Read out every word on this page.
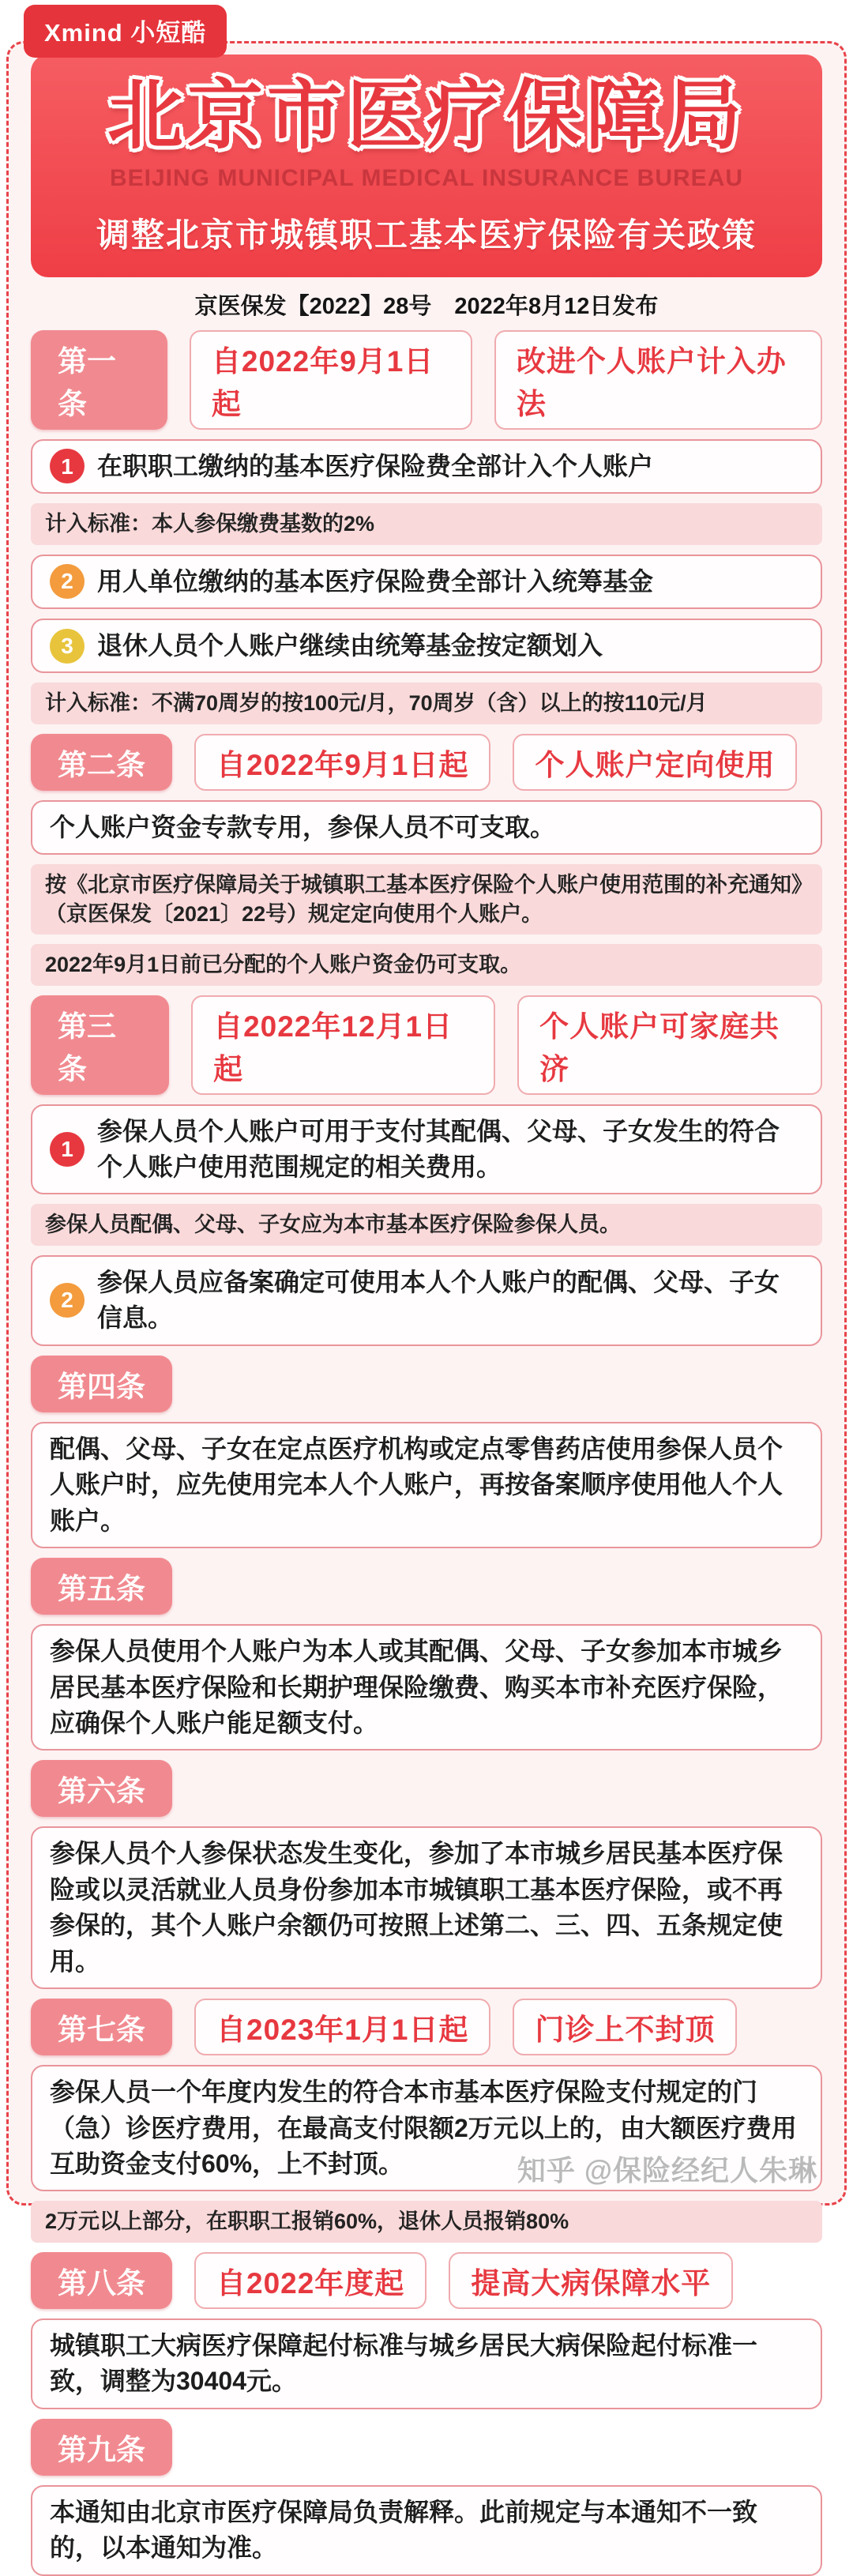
Xmind 小短酷
北京市医疗保障局
BEIJING MUNICIPAL MEDICAL INSURANCE BUREAU
调整北京市城镇职工基本医疗保险有关政策
京医保发【2022】28号　2022年8月12日发布
第一条
自2022年9月1日起
改进个人账户计入办法
1 在职职工缴纳的基本医疗保险费全部计入个人账户
计入标准：本人参保缴费基数的2%
2 用人单位缴纳的基本医疗保险费全部计入统筹基金
3 退休人员个人账户继续由统筹基金按定额划入
计入标准：不满70周岁的按100元/月，70周岁（含）以上的按110元/月
第二条	自2022年9月1日起	个人账户定向使用
个人账户资金专款专用，参保人员不可支取。
按《北京市医疗保障局关于城镇职工基本医疗保险个人账户使用范围的补充通知》（京医保发〔2021〕22号）规定定向使用个人账户。
2022年9月1日前已分配的个人账户资金仍可支取。
第三条
自2022年12月1日起
个人账户可家庭共济
1
参保人员个人账户可用于支付其配偶、父母、子女发生的符合个人账户使用范围规定的相关费用。
参保人员配偶、父母、子女应为本市基本医疗保险参保人员。
2
参保人员应备案确定可使用本人个人账户的配偶、父母、子女信息。
第四条
配偶、父母、子女在定点医疗机构或定点零售药店使用参保人员个人账户时，应先使用完本人个人账户，再按备案顺序使用他人个人账户。
第五条
参保人员使用个人账户为本人或其配偶、父母、子女参加本市城乡居民基本医疗保险和长期护理保险缴费、购买本市补充医疗保险，应确保个人账户能足额支付。
第六条
参保人员个人参保状态发生变化，参加了本市城乡居民基本医疗保险或以灵活就业人员身份参加本市城镇职工基本医疗保险，或不再参保的，其个人账户余额仍可按照上述第二、三、四、五条规定使用。
第七条	自2023年1月1日起	门诊上不封顶
参保人员一个年度内发生的符合本市基本医疗保险支付规定的门（急）诊医疗费用，在最高支付限额2万元以上的，由大额医疗费用互助资金支付60%，上不封顶。
2万元以上部分，在职职工报销60%，退休人员报销80%
第八条	自2022年度起	提高大病保障水平
城镇职工大病医疗保障起付标准与城乡居民大病保险起付标准一致，调整为30404元。
第九条
本通知由北京市医疗保障局负责解释。此前规定与本通知不一致的，以本通知为准。
知乎 @保险经纪人朱琳
